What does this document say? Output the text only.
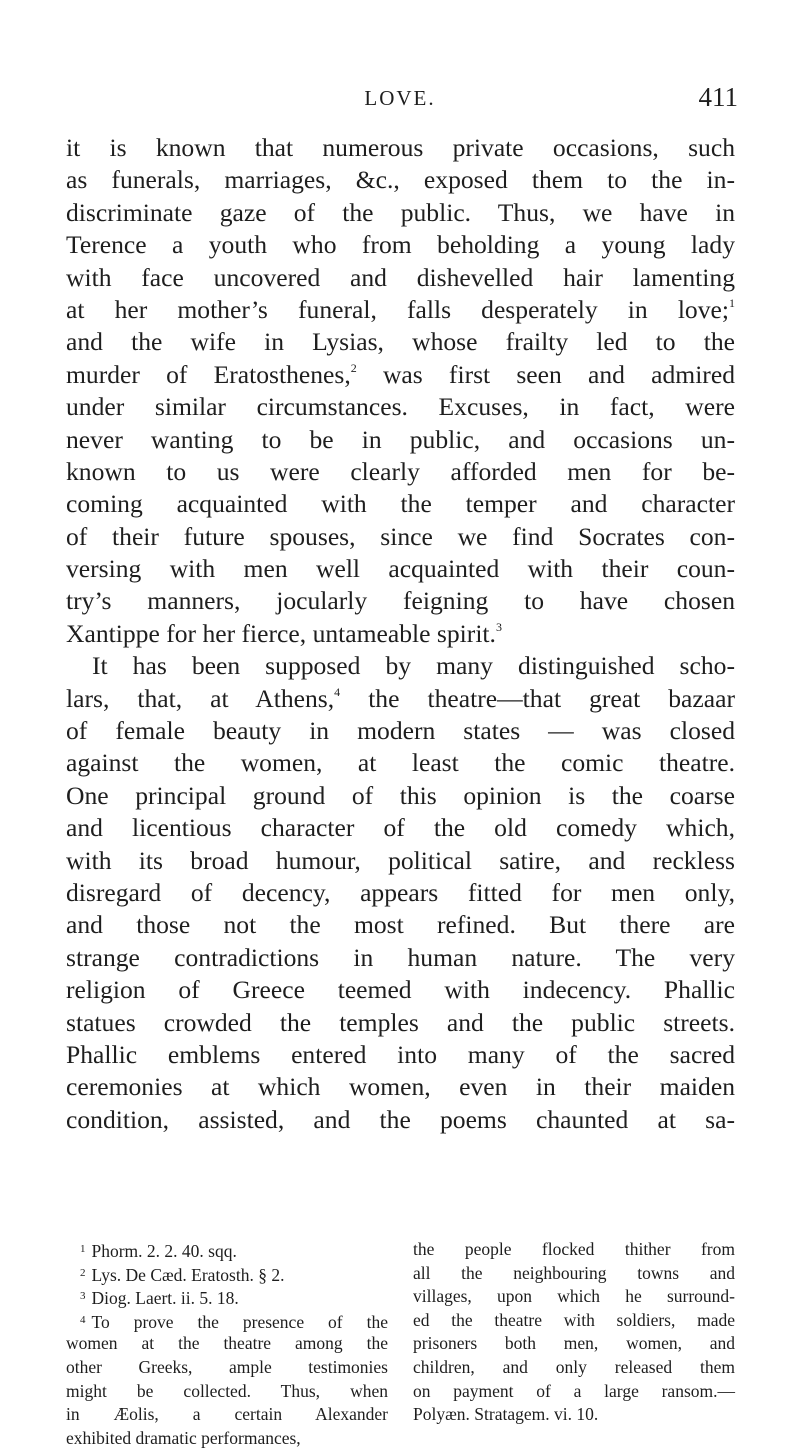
LOVE.	411
it is known that numerous private occasions, such
as funerals, marriages, &c., exposed them to the in-
discriminate gaze of the public. Thus, we have in
Terence a youth who from beholding a young lady
with face uncovered and dishevelled hair lamenting
at her mother’s funeral, falls desperately in love;$^1$
and the wife in Lysias, whose frailty led to the
murder of Eratosthenes,$^2$ was first seen and admired
under similar circumstances. Excuses, in fact, were
never wanting to be in public, and occasions un-
known to us were clearly afforded men for be-
coming acquainted with the temper and character
of their future spouses, since we find Socrates con-
versing with men well acquainted with their coun-
try’s manners, jocularly feigning to have chosen
Xantippe for her fierce, untameable spirit.$^3$
It has been supposed by many distinguished scho-
lars, that, at Athens,$^4$ the theatre—that great bazaar
of female beauty in modern states — was closed
against the women, at least the comic theatre.
One principal ground of this opinion is the coarse
and licentious character of the old comedy which,
with its broad humour, political satire, and reckless
disregard of decency, appears fitted for men only,
and those not the most refined. But there are
strange contradictions in human nature. The very
religion of Greece teemed with indecency. Phallic
statues crowded the temples and the public streets.
Phallic emblems entered into many of the sacred
ceremonies at which women, even in their maiden
condition, assisted, and the poems chaunted at sa-
$^1$ Phorm. 2. 2. 40. sqq.
$^2$ Lys. De Cæd. Eratosth. § 2.
$^3$ Diog. Laert. ii. 5. 18.
$^4$ To prove the presence of the
women at the theatre among the
other Greeks, ample testimonies
might be collected. Thus, when
in Æolis, a certain Alexander
exhibited dramatic performances,
the people flocked thither from
all the neighbouring towns and
villages, upon which he surround-
ed the theatre with soldiers, made
prisoners both men, women, and
children, and only released them
on payment of a large ransom.—
Polyæn. Stratagem. vi. 10.
